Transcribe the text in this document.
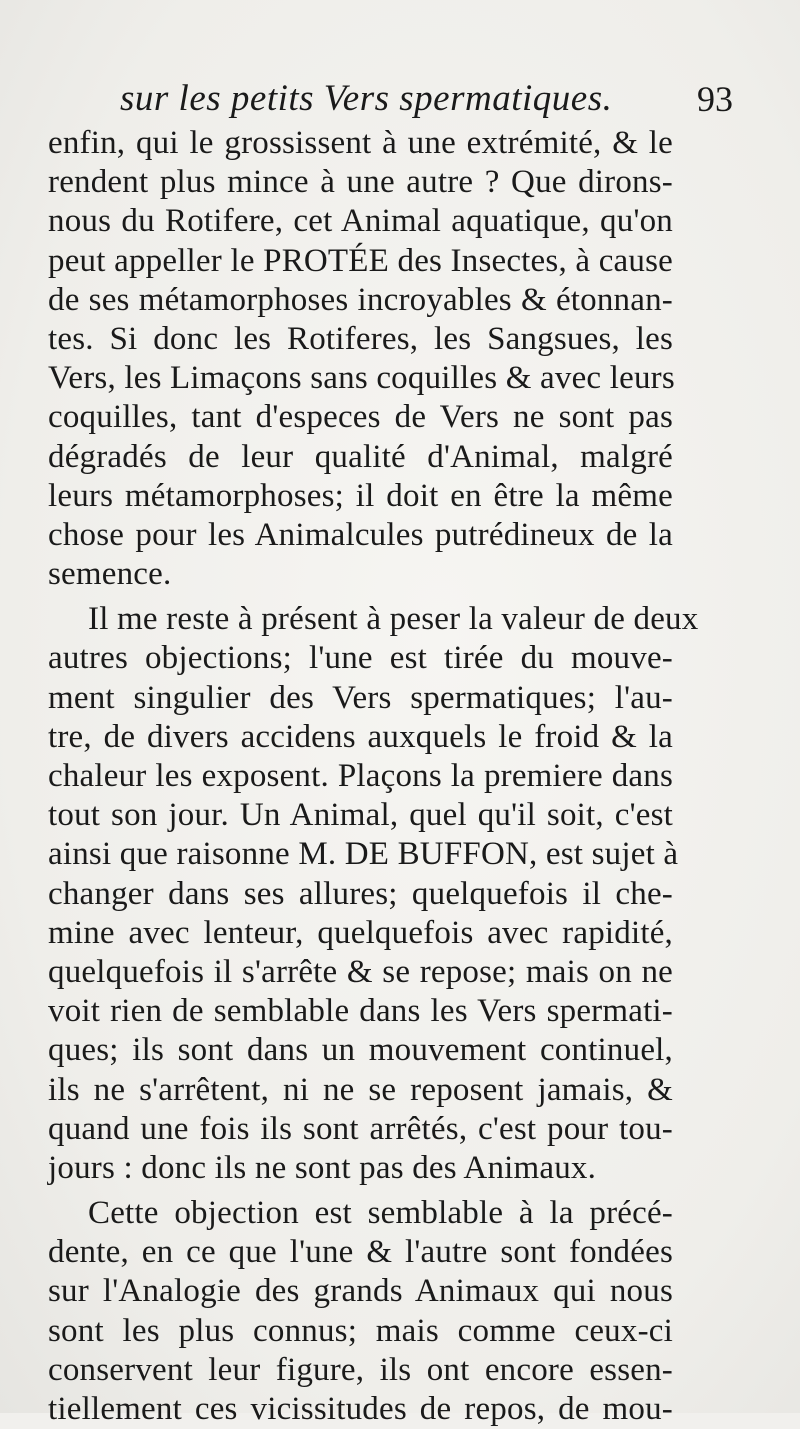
sur les petits Vers spermatiques. 93
enfin, qui le grossissent à une extrémité, & le
rendent plus mince à une autre ? Que dirons-
nous du Rotifere, cet Animal aquatique, qu'on
peut appeller le PROTÉE des Insectes, à cause
de ses métamorphoses incroyables & étonnan-
tes. Si donc les Rotiferes, les Sangsues, les
Vers, les Limaçons sans coquilles & avec leurs
coquilles, tant d'especes de Vers ne sont pas
dégradés de leur qualité d'Animal, malgré
leurs métamorphoses; il doit en être la même
chose pour les Animalcules putrédineux de la
semence.
Il me reste à présent à peser la valeur de deux
autres objections; l'une est tirée du mouve-
ment singulier des Vers spermatiques; l'au-
tre, de divers accidens auxquels le froid & la
chaleur les exposent. Plaçons la premiere dans
tout son jour. Un Animal, quel qu'il soit, c'est
ainsi que raisonne M. DE BUFFON, est sujet à
changer dans ses allures; quelquefois il che-
mine avec lenteur, quelquefois avec rapidité,
quelquefois il s'arrête & se repose; mais on ne
voit rien de semblable dans les Vers spermati-
ques; ils sont dans un mouvement continuel,
ils ne s'arrêtent, ni ne se reposent jamais, &
quand une fois ils sont arrêtés, c'est pour tou-
jours : donc ils ne sont pas des Animaux.
Cette objection est semblable à la précé-
dente, en ce que l'une & l'autre sont fondées
sur l'Analogie des grands Animaux qui nous
sont les plus connus; mais comme ceux-ci
conservent leur figure, ils ont encore essen-
tiellement ces vicissitudes de repos, de mou-
